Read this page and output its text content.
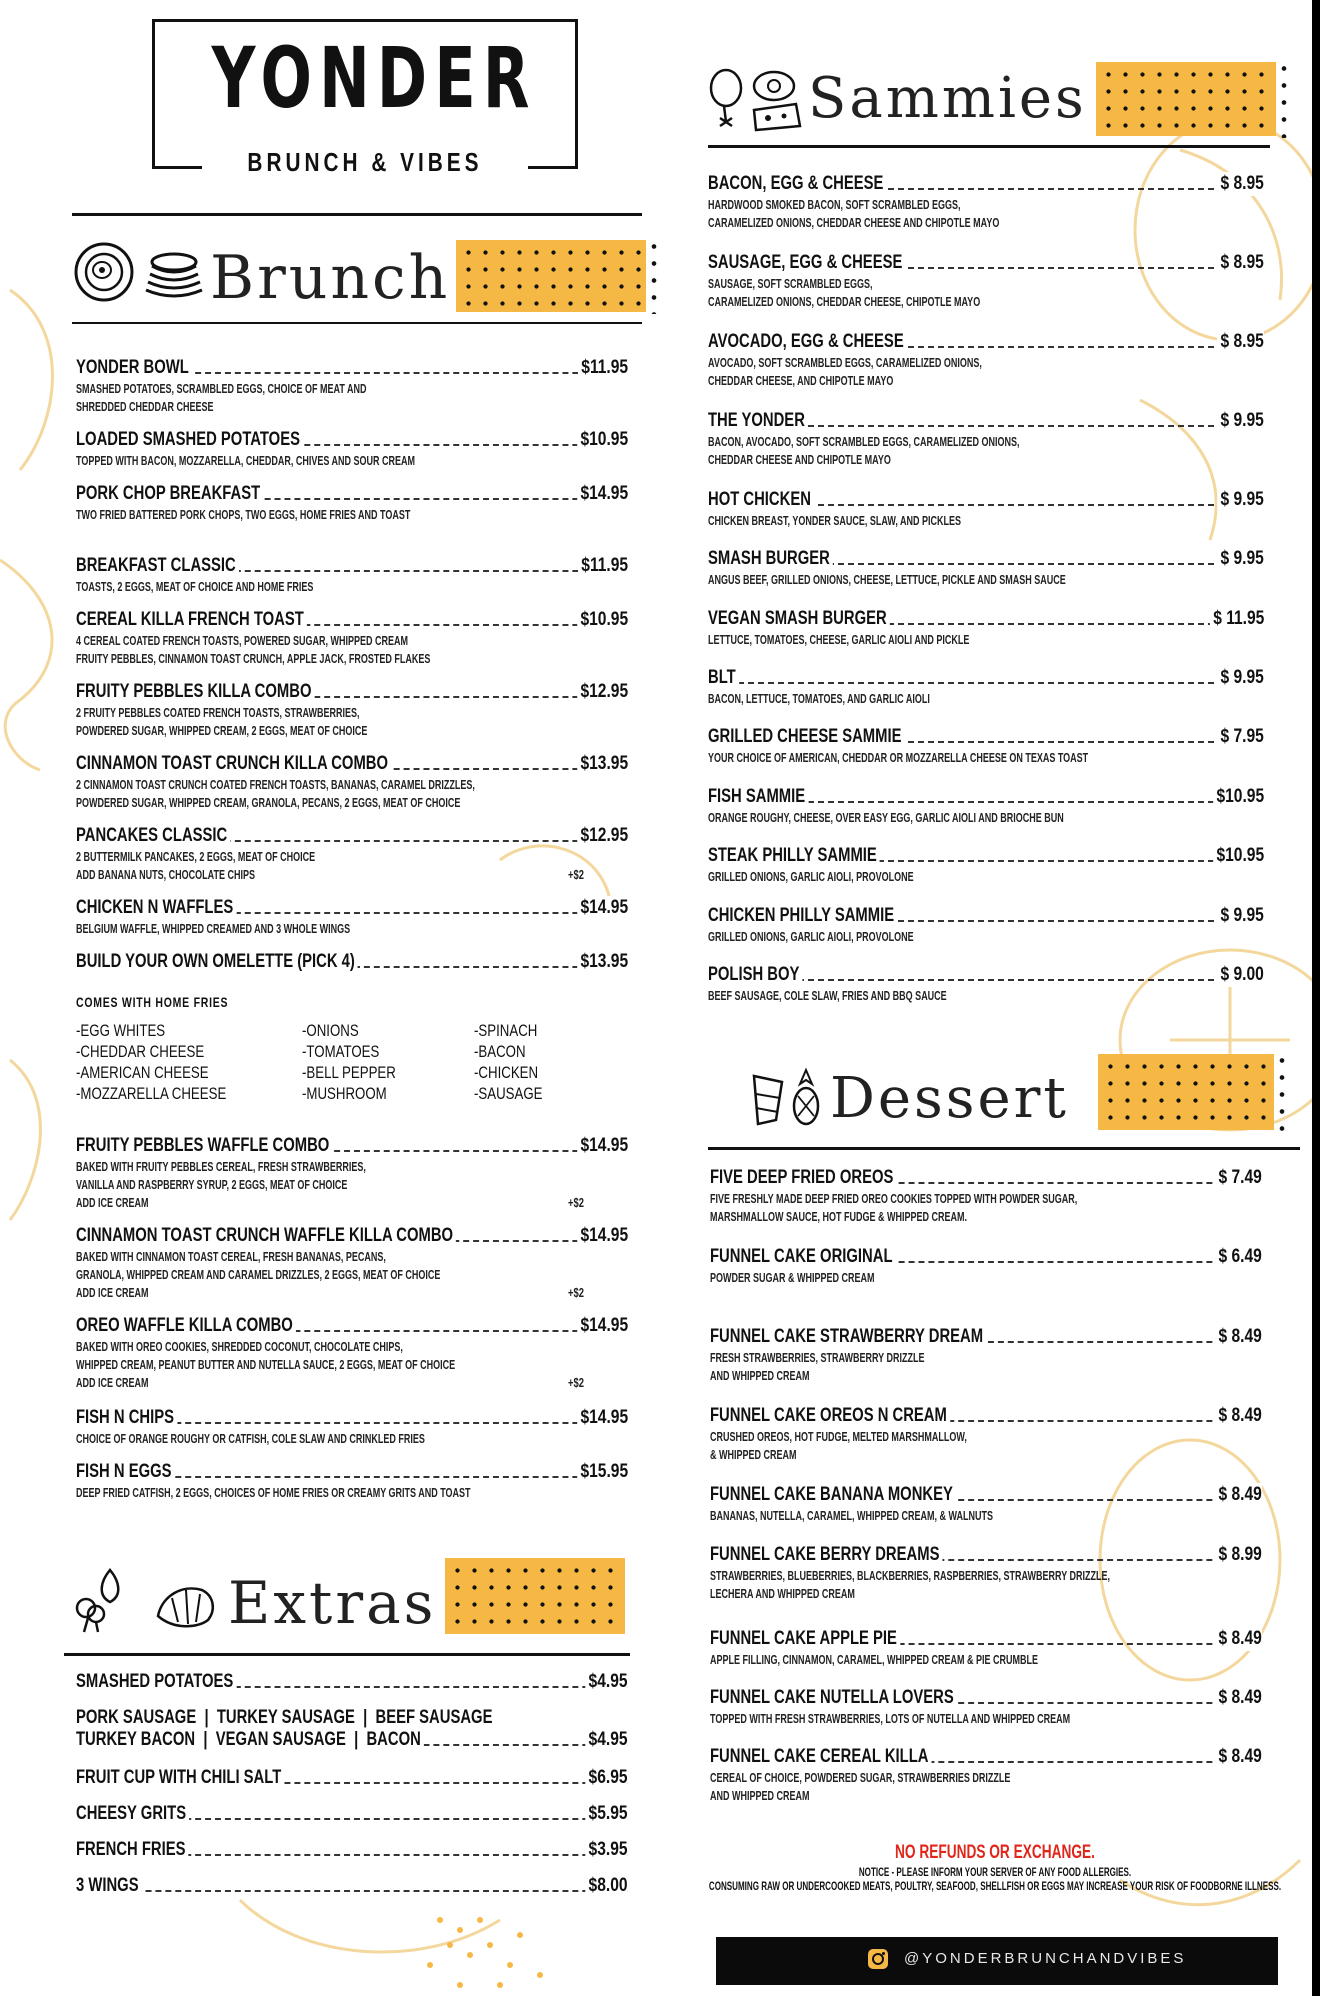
YONDER
BRUNCH & VIBES
Brunch
YONDER BOWL	$11.95
SMASHED POTATOES, SCRAMBLED EGGS, CHOICE OF MEAT AND
SHREDDED CHEDDAR CHEESE
LOADED SMASHED POTATOES	$10.95
TOPPED WITH BACON, MOZZARELLA, CHEDDAR, CHIVES AND SOUR CREAM
PORK CHOP BREAKFAST	$14.95
TWO FRIED BATTERED PORK CHOPS, TWO EGGS, HOME FRIES AND TOAST
BREAKFAST CLASSIC	$11.95
TOASTS, 2 EGGS, MEAT OF CHOICE AND HOME FRIES
CEREAL KILLA FRENCH TOAST	$10.95
4 CEREAL COATED FRENCH TOASTS, POWERED SUGAR, WHIPPED CREAM
FRUITY PEBBLES, CINNAMON TOAST CRUNCH, APPLE JACK, FROSTED FLAKES
FRUITY PEBBLES KILLA COMBO	$12.95
2 FRUITY PEBBLES COATED FRENCH TOASTS, STRAWBERRIES,
POWDERED SUGAR, WHIPPED CREAM, 2 EGGS, MEAT OF CHOICE
CINNAMON TOAST CRUNCH KILLA COMBO	$13.95
2 CINNAMON TOAST CRUNCH COATED FRENCH TOASTS, BANANAS, CARAMEL DRIZZLES,
POWDERED SUGAR, WHIPPED CREAM, GRANOLA, PECANS, 2 EGGS, MEAT OF CHOICE
PANCAKES CLASSIC	$12.95
2 BUTTERMILK PANCAKES, 2 EGGS, MEAT OF CHOICE
ADD BANANA NUTS, CHOCOLATE CHIPS	+$2
CHICKEN N WAFFLES	$14.95
BELGIUM WAFFLE, WHIPPED CREAMED AND 3 WHOLE WINGS
BUILD YOUR OWN OMELETTE (PICK 4)	$13.95
COMES WITH HOME FRIES
-EGG WHITES
-CHEDDAR CHEESE
-AMERICAN CHEESE
-MOZZARELLA CHEESE
-ONIONS
-TOMATOES
-BELL PEPPER
-MUSHROOM
-SPINACH
-BACON
-CHICKEN
-SAUSAGE
FRUITY PEBBLES WAFFLE COMBO	$14.95
BAKED WITH FRUITY PEBBLES CEREAL, FRESH STRAWBERRIES,
VANILLA AND RASPBERRY SYRUP, 2 EGGS, MEAT OF CHOICE
ADD ICE CREAM	+$2
CINNAMON TOAST CRUNCH WAFFLE KILLA COMBO	$14.95
BAKED WITH CINNAMON TOAST CEREAL, FRESH BANANAS, PECANS,
GRANOLA, WHIPPED CREAM AND CARAMEL DRIZZLES, 2 EGGS, MEAT OF CHOICE
ADD ICE CREAM	+$2
OREO WAFFLE KILLA COMBO	$14.95
BAKED WITH OREO COOKIES, SHREDDED COCONUT, CHOCOLATE CHIPS,
WHIPPED CREAM, PEANUT BUTTER AND NUTELLA SAUCE, 2 EGGS, MEAT OF CHOICE
ADD ICE CREAM	+$2
FISH N CHIPS	$14.95
CHOICE OF ORANGE ROUGHY OR CATFISH, COLE SLAW AND CRINKLED FRIES
FISH N EGGS	$15.95
DEEP FRIED CATFISH, 2 EGGS, CHOICES OF HOME FRIES OR CREAMY GRITS AND TOAST
Extras
SMASHED POTATOES	$4.95
PORK SAUSAGE  |  TURKEY SAUSAGE  |  BEEF SAUSAGE
TURKEY BACON  |  VEGAN SAUSAGE  |  BACON	$4.95
FRUIT CUP WITH CHILI SALT	$6.95
CHEESY GRITS	$5.95
FRENCH FRIES	$3.95
3 WINGS	$8.00
Sammies
BACON, EGG & CHEESE	$ 8.95
HARDWOOD SMOKED BACON, SOFT SCRAMBLED EGGS,
CARAMELIZED ONIONS, CHEDDAR CHEESE AND CHIPOTLE MAYO
SAUSAGE, EGG & CHEESE	$ 8.95
SAUSAGE, SOFT SCRAMBLED EGGS,
CARAMELIZED ONIONS, CHEDDAR CHEESE, CHIPOTLE MAYO
AVOCADO, EGG & CHEESE	$ 8.95
AVOCADO, SOFT SCRAMBLED EGGS, CARAMELIZED ONIONS,
CHEDDAR CHEESE, AND CHIPOTLE MAYO
THE YONDER	$ 9.95
BACON, AVOCADO, SOFT SCRAMBLED EGGS, CARAMELIZED ONIONS,
CHEDDAR CHEESE AND CHIPOTLE MAYO
HOT CHICKEN	$ 9.95
CHICKEN BREAST, YONDER SAUCE, SLAW, AND PICKLES
SMASH BURGER	$ 9.95
ANGUS BEEF, GRILLED ONIONS, CHEESE, LETTUCE, PICKLE AND SMASH SAUCE
VEGAN SMASH BURGER	$ 11.95
LETTUCE, TOMATOES, CHEESE, GARLIC AIOLI AND PICKLE
BLT	$ 9.95
BACON, LETTUCE, TOMATOES, AND GARLIC AIOLI
GRILLED CHEESE SAMMIE	$ 7.95
YOUR CHOICE OF AMERICAN, CHEDDAR OR MOZZARELLA CHEESE ON TEXAS TOAST
FISH SAMMIE	$10.95
ORANGE ROUGHY, CHEESE, OVER EASY EGG, GARLIC AIOLI AND BRIOCHE BUN
STEAK PHILLY SAMMIE	$10.95
GRILLED ONIONS, GARLIC AIOLI, PROVOLONE
CHICKEN PHILLY SAMMIE	$ 9.95
GRILLED ONIONS, GARLIC AIOLI, PROVOLONE
POLISH BOY	$ 9.00
BEEF SAUSAGE, COLE SLAW, FRIES AND BBQ SAUCE
Dessert
FIVE DEEP FRIED OREOS	$ 7.49
FIVE FRESHLY MADE DEEP FRIED OREO COOKIES TOPPED WITH POWDER SUGAR,
MARSHMALLOW SAUCE, HOT FUDGE & WHIPPED CREAM.
FUNNEL CAKE ORIGINAL	$ 6.49
POWDER SUGAR & WHIPPED CREAM
FUNNEL CAKE STRAWBERRY DREAM	$ 8.49
FRESH STRAWBERRIES, STRAWBERRY DRIZZLE
AND WHIPPED CREAM
FUNNEL CAKE OREOS N CREAM	$ 8.49
CRUSHED OREOS, HOT FUDGE, MELTED MARSHMALLOW,
& WHIPPED CREAM
FUNNEL CAKE BANANA MONKEY	$ 8.49
BANANAS, NUTELLA, CARAMEL, WHIPPED CREAM, & WALNUTS
FUNNEL CAKE BERRY DREAMS	$ 8.99
STRAWBERRIES, BLUEBERRIES, BLACKBERRIES, RASPBERRIES, STRAWBERRY DRIZZLE,
LECHERA AND WHIPPED CREAM
FUNNEL CAKE APPLE PIE	$ 8.49
APPLE FILLING, CINNAMON, CARAMEL, WHIPPED CREAM & PIE CRUMBLE
FUNNEL CAKE NUTELLA LOVERS	$ 8.49
TOPPED WITH FRESH STRAWBERRIES, LOTS OF NUTELLA AND WHIPPED CREAM
FUNNEL CAKE CEREAL KILLA	$ 8.49
CEREAL OF CHOICE, POWDERED SUGAR, STRAWBERRIES DRIZZLE
AND WHIPPED CREAM
NO REFUNDS OR EXCHANGE.
NOTICE - PLEASE INFORM YOUR SERVER OF ANY FOOD ALLERGIES.
CONSUMING RAW OR UNDERCOOKED MEATS, POULTRY, SEAFOOD, SHELLFISH OR EGGS MAY INCREASE YOUR RISK OF FOODBORNE ILLNESS.
@YONDERBRUNCHANDVIBES
